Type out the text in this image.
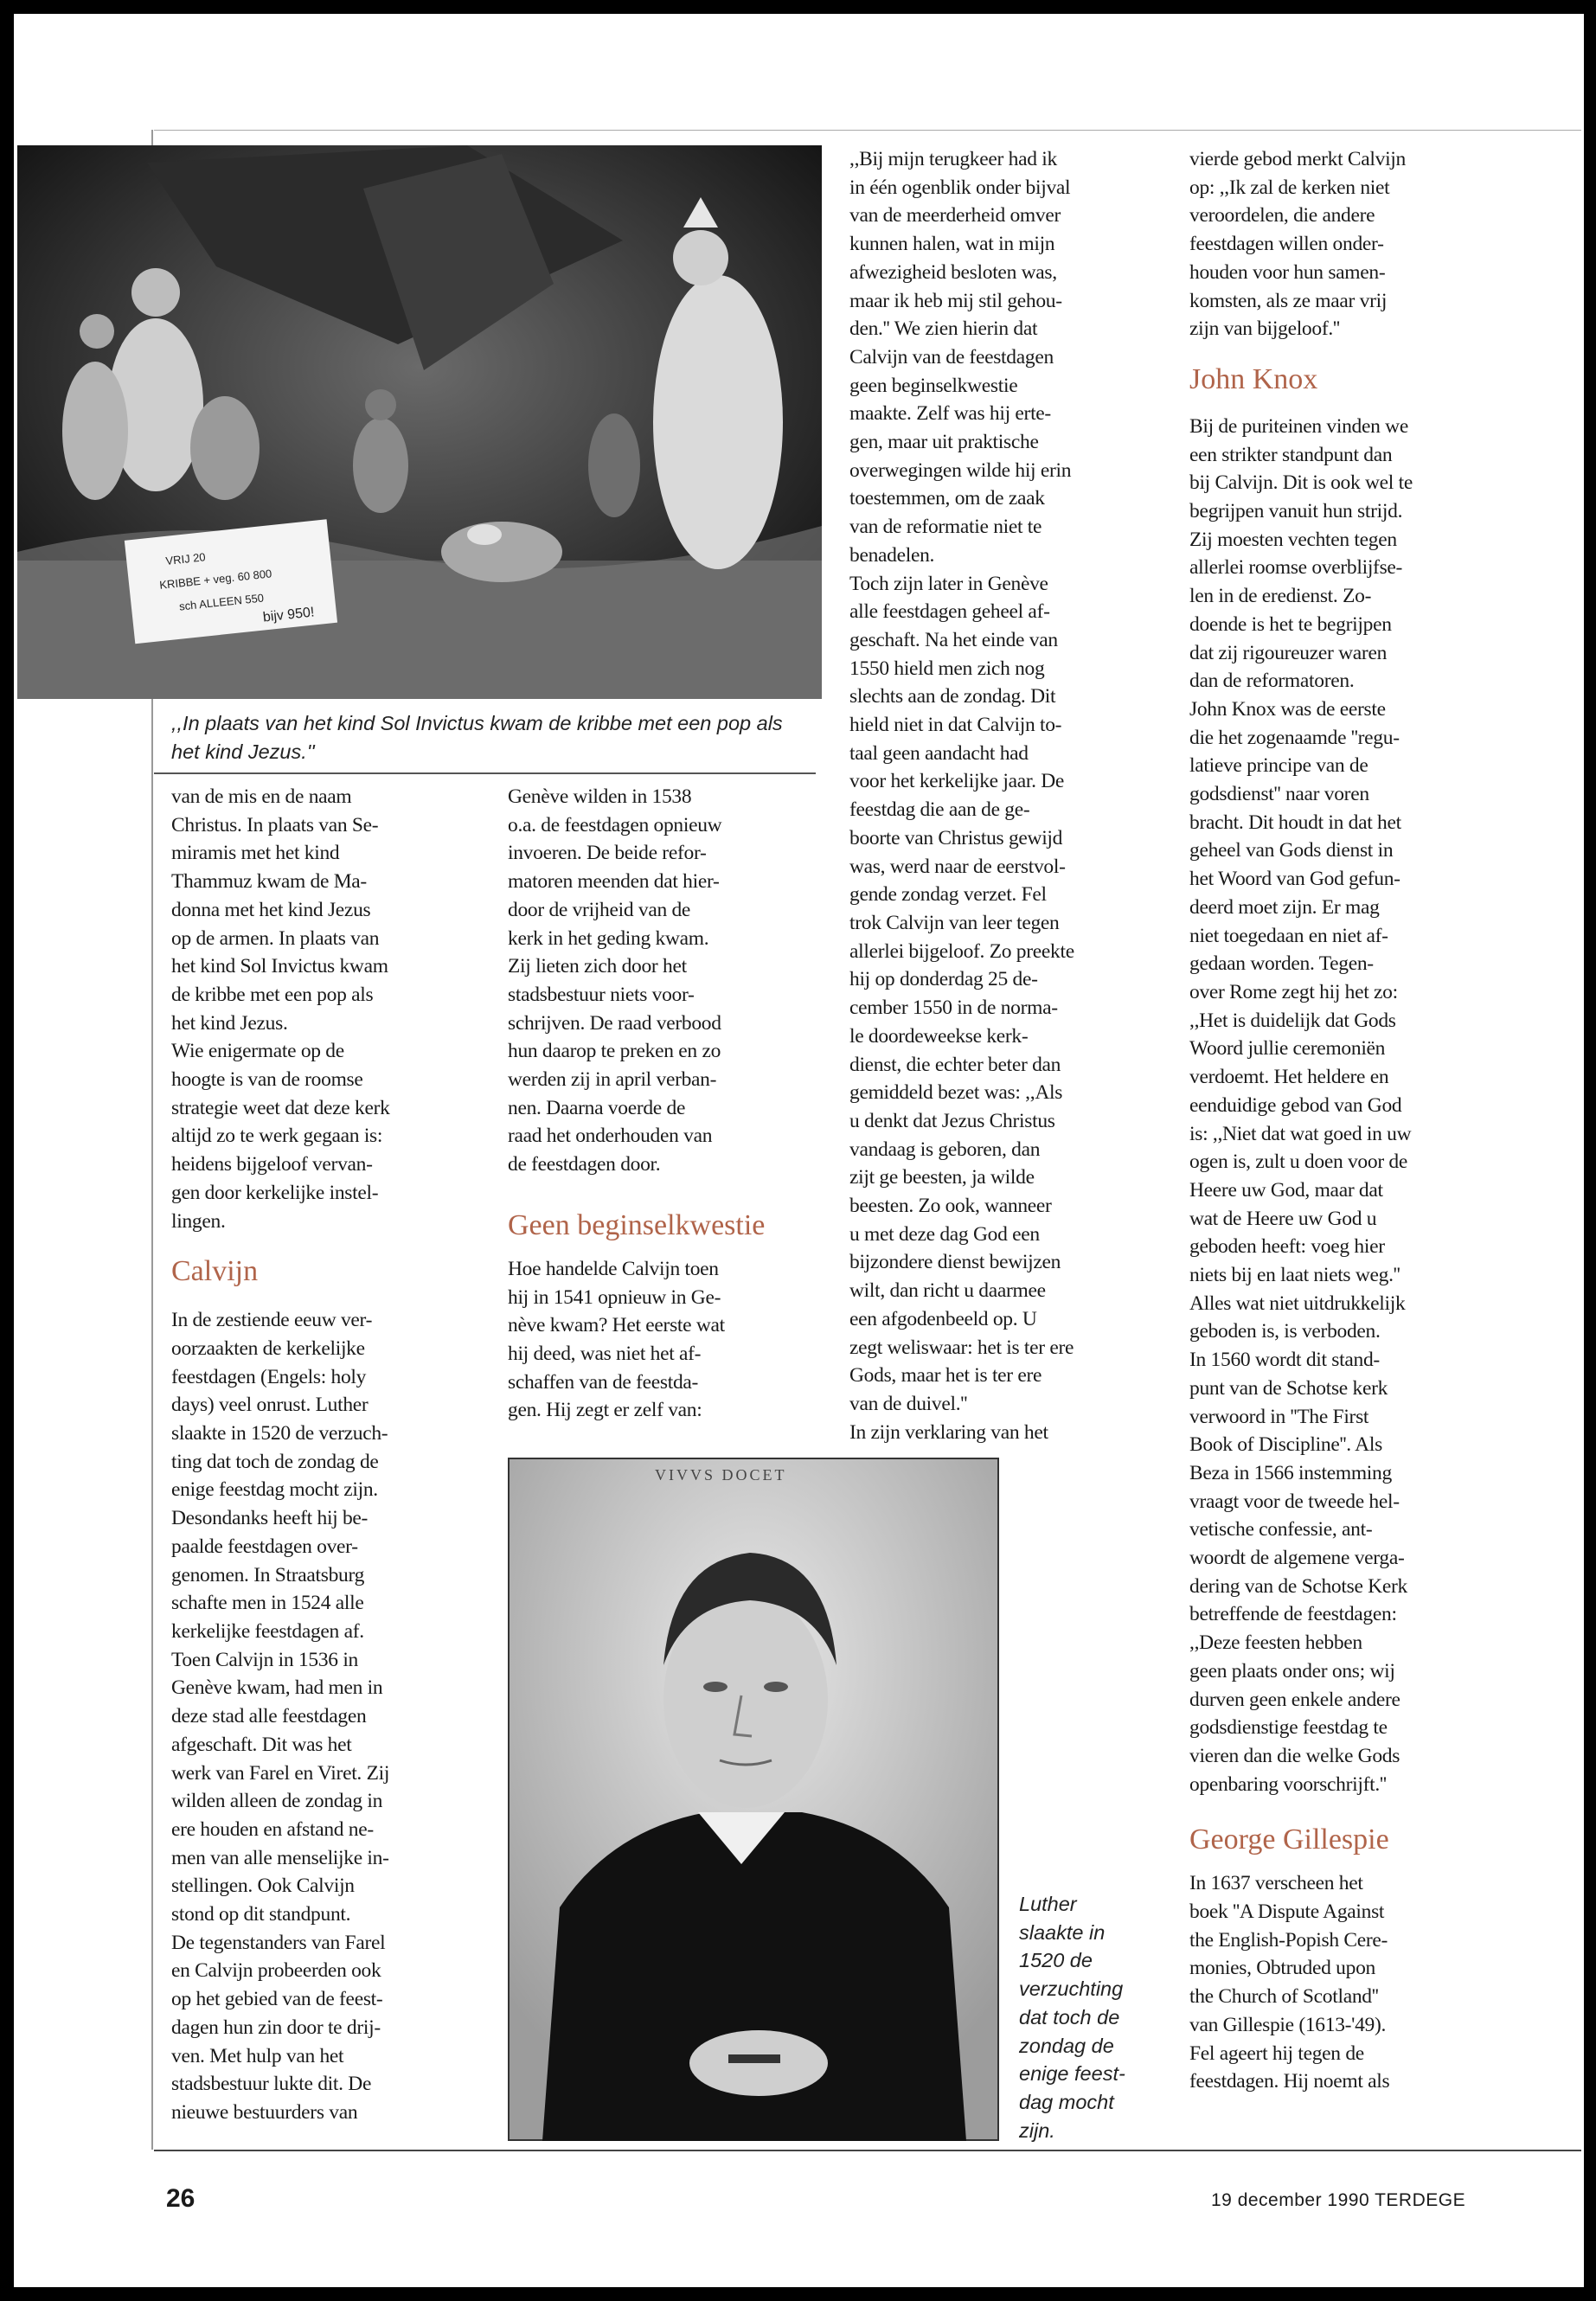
VRIJ 20
KRIBBE + veg. 60 800
sch ALLEEN 550
bijv 950!
,,In plaats van het kind Sol Invictus kwam de kribbe met een pop als het kind Jezus.''

van de mis en de naam

Christus. In plaats van Se-

miramis met het kind

Thammuz kwam de Ma-

donna met het kind Jezus

op de armen. In plaats van

het kind Sol Invictus kwam

de kribbe met een pop als

het kind Jezus.

Wie enigermate op de

hoogte is van de roomse

strategie weet dat deze kerk

altijd zo te werk gegaan is:

heidens bijgeloof vervan-

gen door kerkelijke instel-

lingen.

Calvijn

In de zestiende eeuw ver-

oorzaakten de kerkelijke

feestdagen (Engels: holy

days) veel onrust. Luther

slaakte in 1520 de verzuch-

ting dat toch de zondag de

enige feestdag mocht zijn.

Desondanks heeft hij be-

paalde feestdagen over-

genomen. In Straatsburg

schafte men in 1524 alle

kerkelijke feestdagen af.

Toen Calvijn in 1536 in

Genève kwam, had men in

deze stad alle feestdagen

afgeschaft. Dit was het

werk van Farel en Viret. Zij

wilden alleen de zondag in

ere houden en afstand ne-

men van alle menselijke in-

stellingen. Ook Calvijn

stond op dit standpunt.

De tegenstanders van Farel

en Calvijn probeerden ook

op het gebied van de feest-

dagen hun zin door te drij-

ven. Met hulp van het

stadsbestuur lukte dit. De

nieuwe bestuurders van

Genève wilden in 1538

o.a. de feestdagen opnieuw

invoeren. De beide refor-

matoren meenden dat hier-

door de vrijheid van de

kerk in het geding kwam.

Zij lieten zich door het

stadsbestuur niets voor-

schrijven. De raad verbood

hun daarop te preken en zo

werden zij in april verban-

nen. Daarna voerde de

raad het onderhouden van

de feestdagen door.

Geen beginselkwestie

Hoe handelde Calvijn toen

hij in 1541 opnieuw in Ge-

nève kwam? Het eerste wat

hij deed, was niet het af-

schaffen van de feestda-

gen. Hij zegt er zelf van:

VIVVS DOCET
Luther
slaakte in
1520 de
verzuchting
dat toch de
zondag de
enige feest-
dag mocht
zijn.

,,Bij mijn terugkeer had ik

in één ogenblik onder bijval

van de meerderheid omver

kunnen halen, wat in mijn

afwezigheid besloten was,

maar ik heb mij stil gehou-

den.'' We zien hierin dat

Calvijn van de feestdagen

geen beginselkwestie

maakte. Zelf was hij erte-

gen, maar uit praktische

overwegingen wilde hij erin

toestemmen, om de zaak

van de reformatie niet te

benadelen.

Toch zijn later in Genève

alle feestdagen geheel af-

geschaft. Na het einde van

1550 hield men zich nog

slechts aan de zondag. Dit

hield niet in dat Calvijn to-

taal geen aandacht had

voor het kerkelijke jaar. De

feestdag die aan de ge-

boorte van Christus gewijd

was, werd naar de eerstvol-

gende zondag verzet. Fel

trok Calvijn van leer tegen

allerlei bijgeloof. Zo preekte

hij op donderdag 25 de-

cember 1550 in de norma-

le doordeweekse kerk-

dienst, die echter beter dan

gemiddeld bezet was: ,,Als

u denkt dat Jezus Christus

vandaag is geboren, dan

zijt ge beesten, ja wilde

beesten. Zo ook, wanneer

u met deze dag God een

bijzondere dienst bewijzen

wilt, dan richt u daarmee

een afgodenbeeld op. U

zegt weliswaar: het is ter ere

Gods, maar het is ter ere

van de duivel.''

In zijn verklaring van het

vierde gebod merkt Calvijn

op: ,,Ik zal de kerken niet

veroordelen, die andere

feestdagen willen onder-

houden voor hun samen-

komsten, als ze maar vrij

zijn van bijgeloof.''

John Knox

Bij de puriteinen vinden we

een strikter standpunt dan

bij Calvijn. Dit is ook wel te

begrijpen vanuit hun strijd.

Zij moesten vechten tegen

allerlei roomse overblijfse-

len in de eredienst. Zo-

doende is het te begrijpen

dat zij rigoureuzer waren

dan de reformatoren.

John Knox was de eerste

die het zogenaamde ''regu-

latieve principe van de

godsdienst'' naar voren

bracht. Dit houdt in dat het

geheel van Gods dienst in

het Woord van God gefun-

deerd moet zijn. Er mag

niet toegedaan en niet af-

gedaan worden. Tegen-

over Rome zegt hij het zo:

,,Het is duidelijk dat Gods

Woord jullie ceremoniën

verdoemt. Het heldere en

eenduidige gebod van God

is: ,,Niet dat wat goed in uw

ogen is, zult u doen voor de

Heere uw God, maar dat

wat de Heere uw God u

geboden heeft: voeg hier

niets bij en laat niets weg.''

Alles wat niet uitdrukkelijk

geboden is, is verboden.

In 1560 wordt dit stand-

punt van de Schotse kerk

verwoord in ''The First

Book of Discipline''. Als

Beza in 1566 instemming

vraagt voor de tweede hel-

vetische confessie, ant-

woordt de algemene verga-

dering van de Schotse Kerk

betreffende de feestdagen:

,,Deze feesten hebben

geen plaats onder ons; wij

durven geen enkele andere

godsdienstige feestdag te

vieren dan die welke Gods

openbaring voorschrijft.''

George Gillespie

In 1637 verscheen het

boek ''A Dispute Against

the English-Popish Cere-

monies, Obtruded upon

the Church of Scotland''

van Gillespie (1613-'49).

Fel ageert hij tegen de

feestdagen. Hij noemt als

26	19 december 1990 TERDEGE
